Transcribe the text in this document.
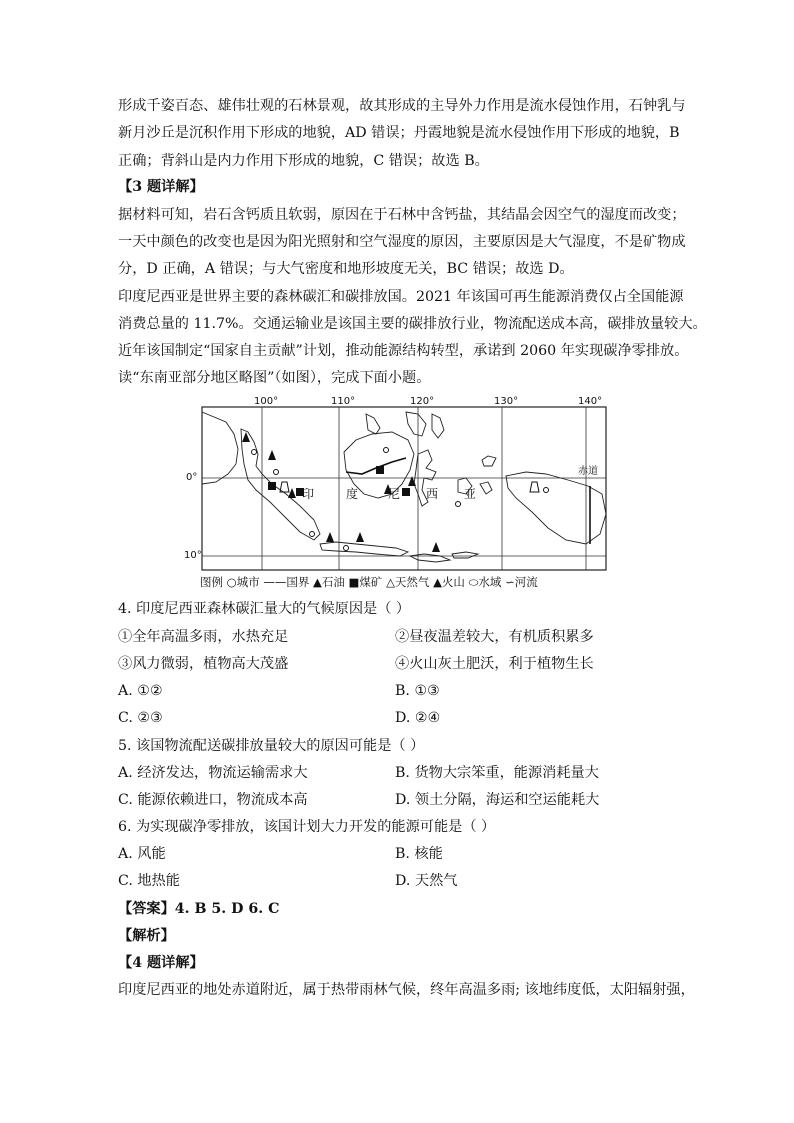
形成千姿百态、雄伟壮观的石林景观，故其形成的主导外力作用是流水侵蚀作用，石钟乳与
新月沙丘是沉积作用下形成的地貌，AD 错误；丹霞地貌是流水侵蚀作用下形成的地貌，B
正确；背斜山是内力作用下形成的地貌，C 错误；故选 B。
【3 题详解】
据材料可知，岩石含钙质且软弱，原因在于石林中含钙盐，其结晶会因空气的湿度而改变；
一天中颜色的改变也是因为阳光照射和空气湿度的原因，主要原因是大气湿度，不是矿物成
分，D 正确，A 错误；与大气密度和地形坡度无关，BC 错误；故选 D。
印度尼西亚是世界主要的森林碳汇和碳排放国。2021 年该国可再生能源消费仅占全国能源
消费总量的 11.7%。交通运输业是该国主要的碳排放行业，物流配送成本高，碳排放量较大。
近年该国制定“国家自主贡献”计划，推动能源结构转型，承诺到 2060 年实现碳净零排放。
读“东南亚部分地区略图”（如图），完成下面小题。
100°	110°	120°	130°	140°
0°
10°
赤道
印	度 尼 西 亚
图例 ○城市 ——国界 ▲石油 ■煤矿 △天然气 ▲火山 ⬭水域 ∽河流
4. 印度尼西亚森林碳汇量大的气候原因是（ ）
①全年高温多雨，水热充足	②昼夜温差较大，有机质积累多
③风力微弱，植物高大茂盛	④火山灰土肥沃，利于植物生长
A. ①②	B. ①③
C. ②③	D. ②④
5. 该国物流配送碳排放量较大的原因可能是（ ）
A. 经济发达，物流运输需求大	B. 货物大宗笨重，能源消耗量大
C. 能源依赖进口，物流成本高	D. 领土分隔，海运和空运能耗大
6. 为实现碳净零排放，该国计划大力开发的能源可能是（ ）
A. 风能	B. 核能
C. 地热能	D. 天然气
【答案】4. B 5. D 6. C
【解析】
【4 题详解】
印度尼西亚的地处赤道附近，属于热带雨林气候，终年高温多雨; 该地纬度低，太阳辐射强，
